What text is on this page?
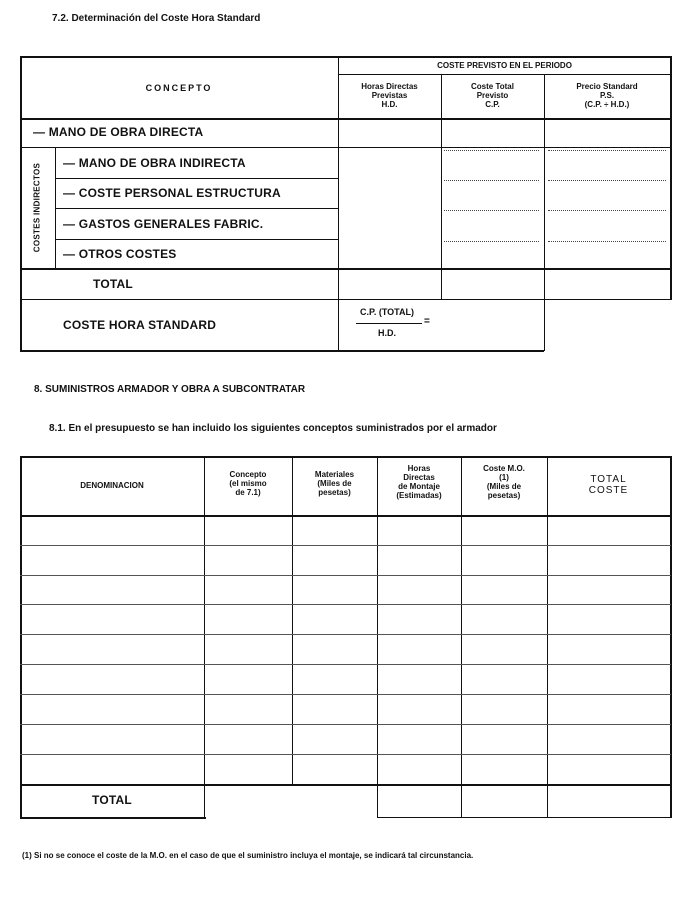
7.2. Determinación del Coste Hora Standard
CONCEPTO
COSTE PREVISTO EN EL PERIODO
Horas Directas
Previstas
H.D.
Coste Total
Previsto
C.P.
Precio Standard
P.S.
(C.P. ÷ H.D.)
— MANO DE OBRA DIRECTA
— MANO DE OBRA INDIRECTA
— COSTE PERSONAL ESTRUCTURA
— GASTOS GENERALES FABRIC.
— OTROS COSTES
COSTES INDIRECTOS
TOTAL
COSTE HORA STANDARD
C.P. (TOTAL)
H.D.
=
8. SUMINISTROS ARMADOR Y OBRA A SUBCONTRATAR
8.1. En el presupuesto se han incluido los siguientes conceptos suministrados por el armador
DENOMINACION
Concepto
(el mismo
de 7.1)
Materiales
(Miles de
pesetas)
Horas
Directas
de Montaje
(Estimadas)
Coste M.O.
(1)
(Miles de
pesetas)
TOTAL
COSTE
TOTAL
(1) Si no se conoce el coste de la M.O. en el caso de que el suministro incluya el montaje, se indicará tal circunstancia.
